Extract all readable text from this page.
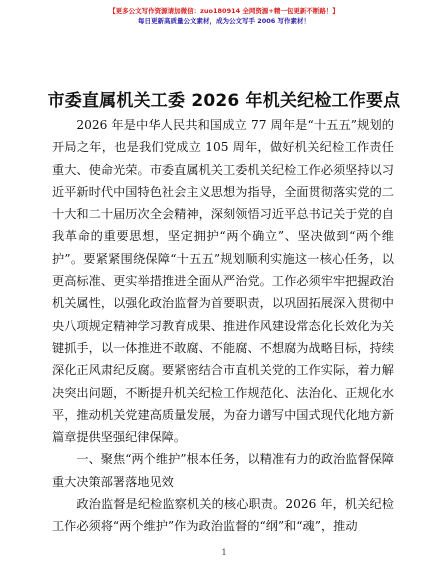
【更多公文写作资源请加微信：zuo180914 全网资源+精一包更新不断路！】
每日更新高质量公文素材，成为公文写手 2006 写作素材！
市委直属机关工委 2026 年机关纪检工作要点

2026 年是中华人民共和国成立 77 周年是“十五五”规划的开局之年，也是我们党成立 105 周年，做好机关纪检工作责任重大、使命光荣。市委直属机关工委机关纪检工作必须坚持以习近平新时代中国特色社会主义思想为指导，全面贯彻落实党的二十大和二十届历次全会精神，深刻领悟习近平总书记关于党的自我革命的重要思想，坚定拥护“两个确立”、坚决做到“两个维护”。要紧紧围绕保障“十五五”规划顺利实施这一核心任务，以更高标准、更实举措推进全面从严治党。工作必须牢牢把握政治机关属性，以强化政治监督为首要职责，以巩固拓展深入贯彻中央八项规定精神学习教育成果、推进作风建设常态化长效化为关键抓手，以一体推进不敢腐、不能腐、不想腐为战略目标，持续深化正风肃纪反腐。要紧密结合市直机关党的工作实际，着力解决突出问题，不断提升机关纪检工作规范化、法治化、正规化水平，推动机关党建高质量发展，为奋力谱写中国式现代化地方新篇章提供坚强纪律保障。

一、聚焦“两个维护”根本任务，以精准有力的政治监督保障重大决策部署落地见效

政治监督是纪检监察机关的核心职责。2026 年，机关纪检工作必须将“两个维护”作为政治监督的“纲”和“魂”，推动

1
